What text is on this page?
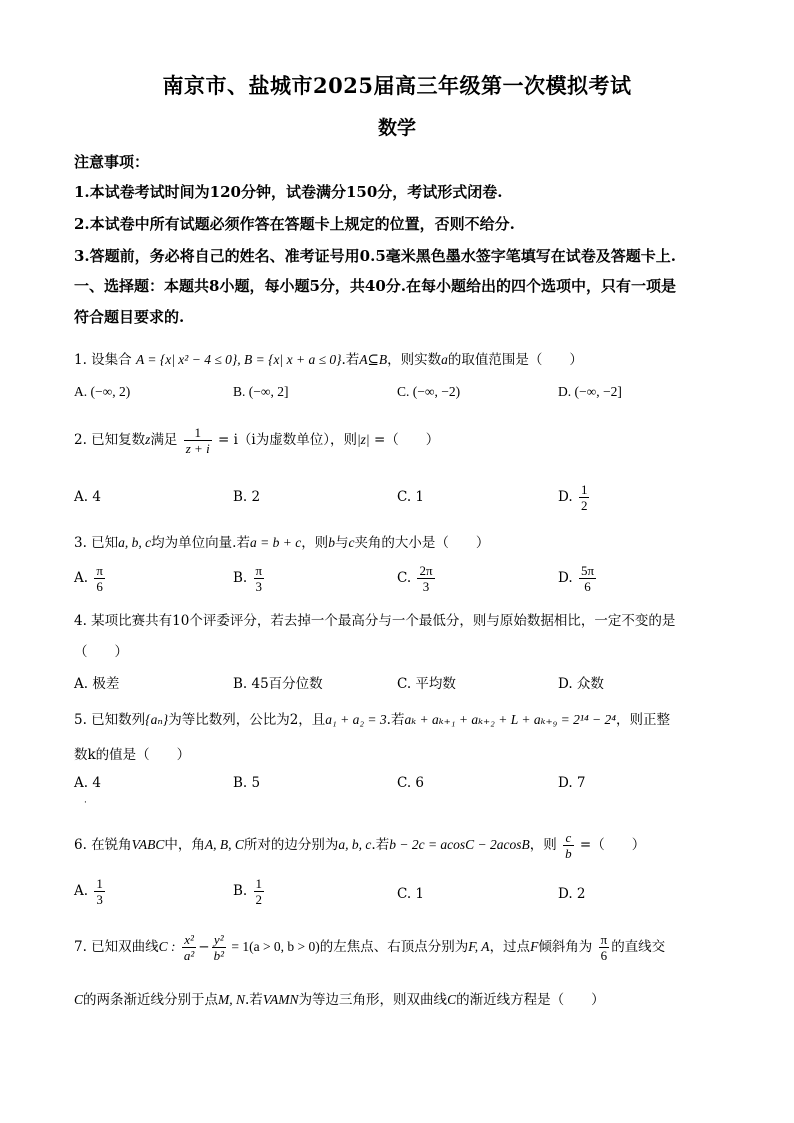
南京市、盐城市2025届高三年级第一次模拟考试
数学
注意事项：
1.本试卷考试时间为120分钟，试卷满分150分，考试形式闭卷.
2.本试卷中所有试题必须作答在答题卡上规定的位置，否则不给分.
3.答题前，务必将自己的姓名、准考证号用0.5毫米黑色墨水签字笔填写在试卷及答题卡上.
一、选择题：本题共8小题，每小题5分，共40分.在每小题给出的四个选项中，只有一项是
符合题目要求的.
1. 设集合 A = {x| x² − 4 ≤ 0}, B = {x| x + a ≤ 0}.若A⊆B，则实数a的取值范围是（　　）
A. (−∞, 2)	B. (−∞, 2]	C. (−∞, −2)	D. (−∞, −2]
2. 已知复数z满足 $\frac{1}{z + i} = i(i$为虚数单位），则|z| =（　　）
A. 4	B. 2	C. 1	D. $\frac{1}{2}$
3. 已知a, b, c均为单位向量.若a = b + c，则b与c夹角的大小是（　　）
A. $\frac{\pi}{6}$	B. $\frac{\pi}{3}$	C. $\frac{2\pi}{3}$	D. $\frac{5\pi}{6}$
4. 某项比赛共有10个评委评分，若去掉一个最高分与一个最低分，则与原始数据相比，一定不变的是
（　　）
A. 极差	B. 45百分位数	C. 平均数	D. 众数
5. 已知数列{aₙ}为等比数列，公比为2，且a₁ + a₂ = 3.若aₖ + aₖ₊₁ + aₖ₊₂ + L + aₖ₊₉ = 2¹⁴ − 2⁴，则正整
数k的值是（　　）
A. 4
·
B. 5	C. 6	D. 7
6. 在锐角VABC中，角A, B, C所对的边分别为a, b, c.若b − 2c = acosC − 2acosB，则 $\frac{c}{b}$ =（　　）
A. $\frac{1}{3}$	B. $\frac{1}{2}$	C. 1	D. 2
7. 已知双曲线C : $\frac{\text{x²}}{\text{a²}} - \frac{\text{y²}}{\text{b²}} = 1(a > 0$, b > 0)的左焦点、右顶点分别为F, A，过点F倾斜角为 $\frac{\pi}{6}$ 的直线交
C的两条渐近线分别于点M, N.若VAMN为等边三角形，则双曲线C的渐近线方程是（　　）
